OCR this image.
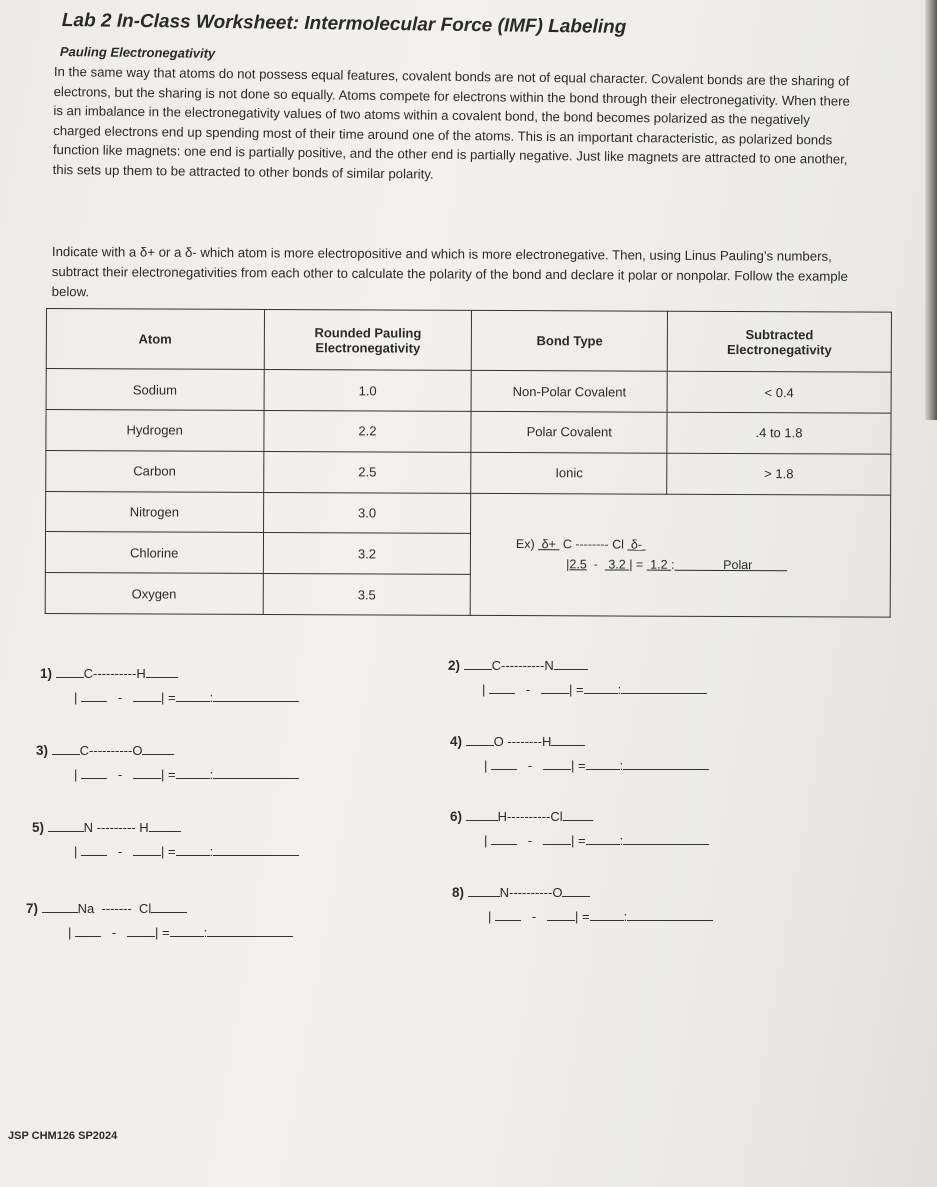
Lab 2 In-Class Worksheet: Intermolecular Force (IMF) Labeling
Pauling Electronegativity
In the same way that atoms do not possess equal features, covalent bonds are not of equal character. Covalent bonds are the sharing of electrons, but the sharing is not done so equally. Atoms compete for electrons within the bond through their electronegativity. When there is an imbalance in the electronegativity values of two atoms within a covalent bond, the bond becomes polarized as the negatively charged electrons end up spending most of their time around one of the atoms. This is an important characteristic, as polarized bonds function like magnets: one end is partially positive, and the other end is partially negative. Just like magnets are attracted to one another, this sets up them to be attracted to other bonds of similar polarity.
Indicate with a δ+ or a δ- which atom is more electropositive and which is more electronegative. Then, using Linus Pauling’s numbers, subtract their electronegativities from each other to calculate the polarity of the bond and declare it polar or nonpolar. Follow the example below.
Atom	Rounded Pauling Electronegativity	Bond Type	Subtracted Electronegativity
Sodium	1.0	Non-Polar Covalent	< 0.4
Hydrogen	2.2	Polar Covalent	.4 to 1.8
Carbon	2.5	Ionic	> 1.8
Nitrogen	3.0	Ex) δ+ C -------- Cl δ-
|2.5  -   3.2 | =  1.2 : Polar	

Chlorine	3.2		
Oxygen	3.5		
1) C----------H
|    -   | =	:
2) C----------N
|    -   | =	:
3) C----------O
|    -   | =	:
4) O --------H
|    -   | =	:
5)	N --------- H
|    -   | =	:
6)	H----------Cl
|    -   | =	:
7)	Na  -------  Cl
|    -   | =	:
8)	N----------O
|    -   | =	:
JSP CHM126 SP2024
